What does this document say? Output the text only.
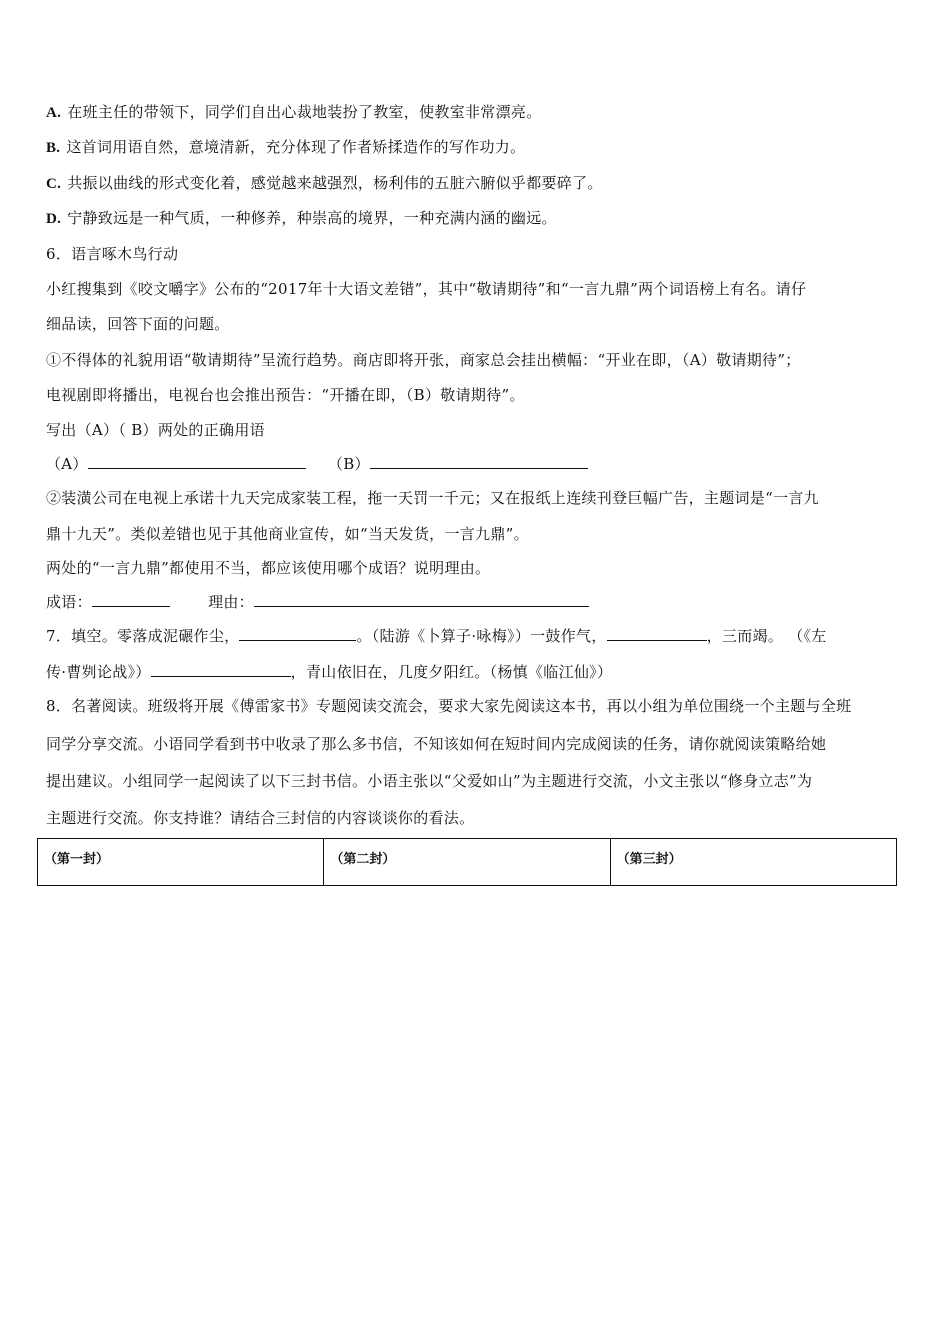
A. 在班主任的带领下，同学们自出心裁地装扮了教室，使教室非常漂亮。
B. 这首词用语自然，意境清新，充分体现了作者矫揉造作的写作功力。
C. 共振以曲线的形式变化着，感觉越来越强烈，杨利伟的五脏六腑似乎都要碎了。
D. 宁静致远是一种气质，一种修养，种崇高的境界，一种充满内涵的幽远。
6．语言啄木鸟行动
小红搜集到《咬文嚼字》公布的“2017年十大语文差错”，其中“敬请期待”和“一言九鼎”两个词语榜上有名。请仔
细品读，回答下面的问题。
①不得体的礼貌用语“敬请期待”呈流行趋势。商店即将开张，商家总会挂出横幅：“开业在即，（A）敬请期待”；
电视剧即将播出，电视台也会推出预告：“开播在即，（B）敬请期待”。
写出（A）（ B）两处的正确用语
（A）	（B）
②装潢公司在电视上承诺十九天完成家装工程，拖一天罚一千元；又在报纸上连续刊登巨幅广告，主题词是“一言九
鼎十九天”。类似差错也见于其他商业宣传，如“当天发货，一言九鼎”。
两处的“一言九鼎”都使用不当，都应该使用哪个成语？说明理由。
成语：	理由：
7．填空。零落成泥碾作尘，	。（陆游《卜算子·咏梅》）一鼓作气，	，三而竭。 （《左
传·曹刿论战》）	，青山依旧在，几度夕阳红。（杨慎《临江仙》）
8．名著阅读。班级将开展《傅雷家书》专题阅读交流会，要求大家先阅读这本书，再以小组为单位围绕一个主题与全班
同学分享交流。小语同学看到书中收录了那么多书信，不知该如何在短时间内完成阅读的任务，请你就阅读策略给她
提出建议。小组同学一起阅读了以下三封书信。小语主张以“父爱如山”为主题进行交流，小文主张以“修身立志”为
主题进行交流。你支持谁？请结合三封信的内容谈谈你的看法。
（第一封）	（第二封）	（第三封）
